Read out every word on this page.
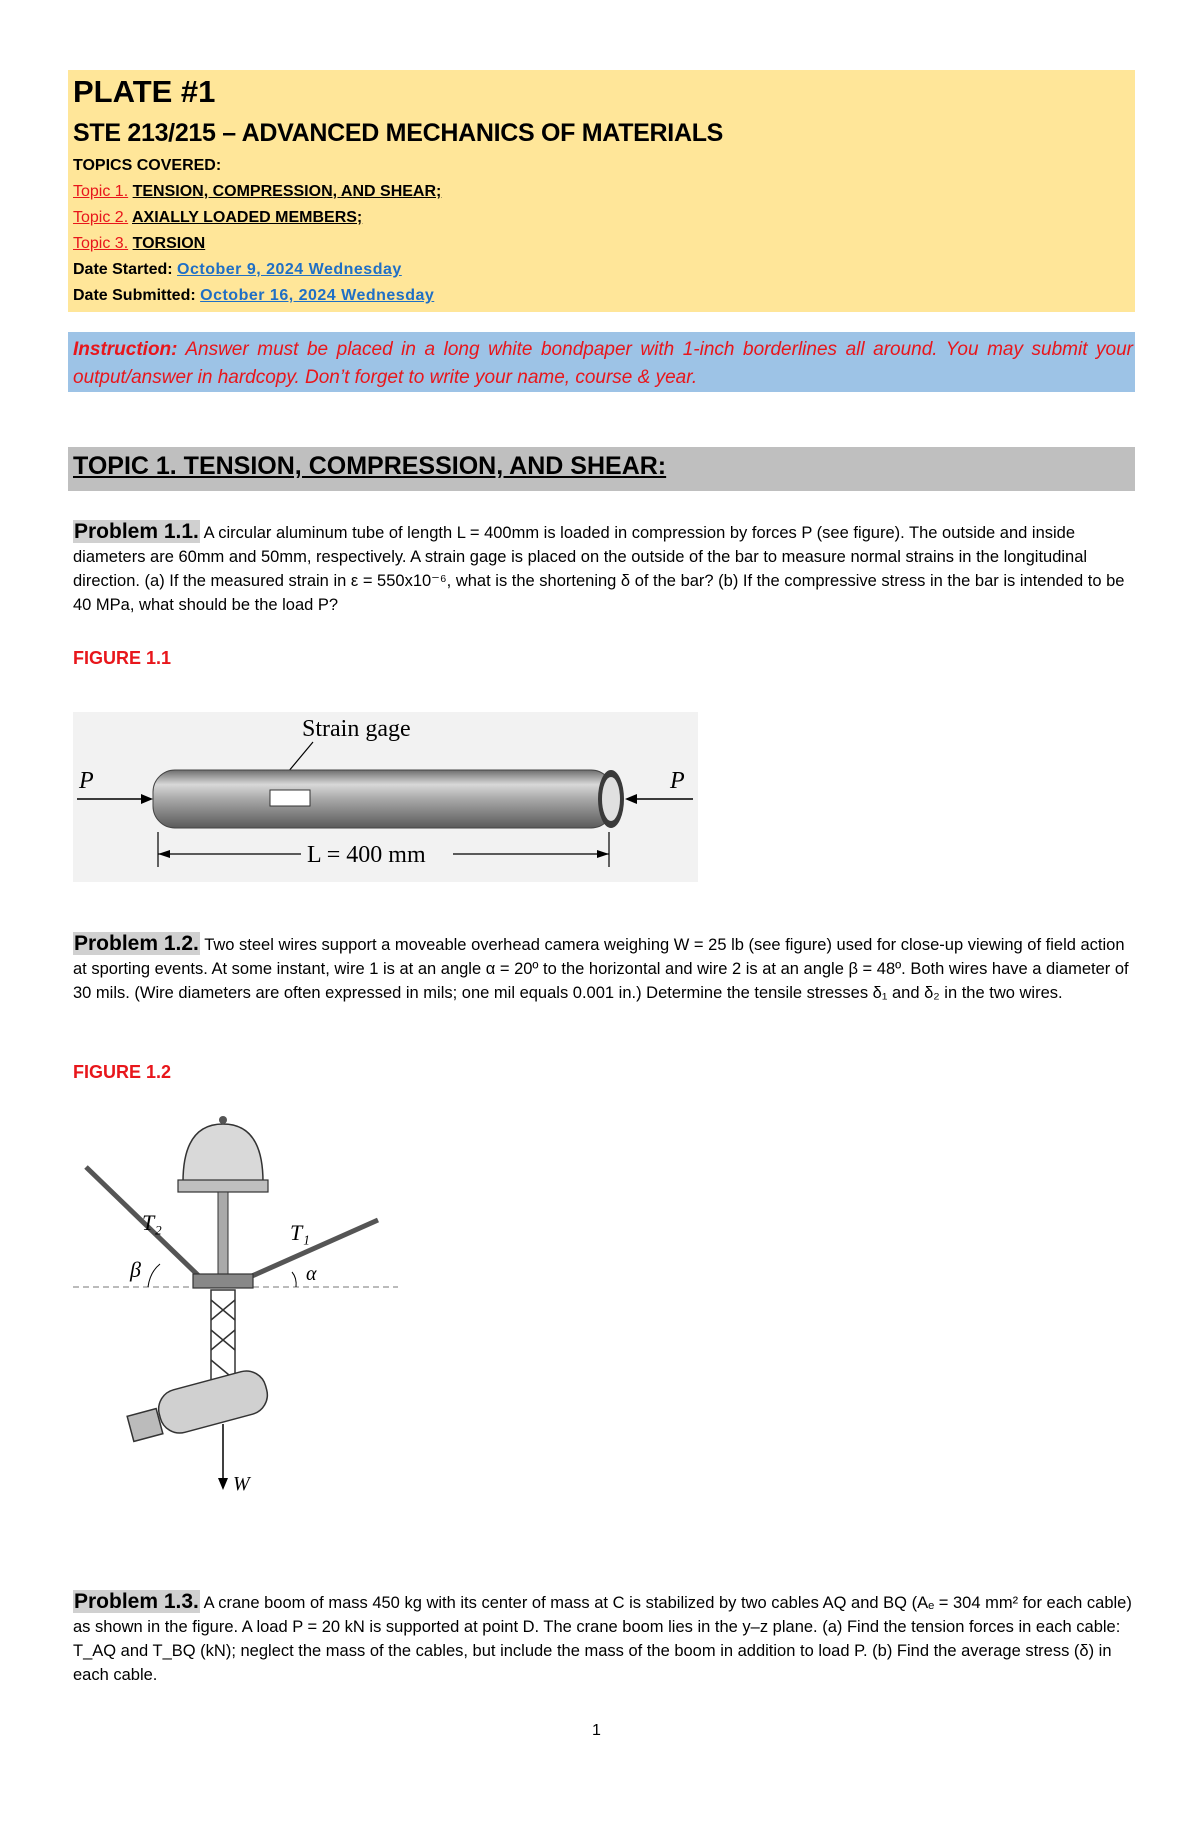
PLATE #1
STE 213/215 – ADVANCED MECHANICS OF MATERIALS
TOPICS COVERED:
Topic 1. TENSION, COMPRESSION, AND SHEAR;
Topic 2. AXIALLY LOADED MEMBERS;
Topic 3. TORSION
Date Started: October 9, 2024 Wednesday
Date Submitted: October 16, 2024 Wednesday
Instruction: Answer must be placed in a long white bondpaper with 1-inch borderlines all around. You may submit your output/answer in hardcopy. Don’t forget to write your name, course & year.
TOPIC 1. TENSION, COMPRESSION, AND SHEAR:
Problem 1.1. A circular aluminum tube of length L = 400mm is loaded in compression by forces P (see figure). The outside and inside diameters are 60mm and 50mm, respectively. A strain gage is placed on the outside of the bar to measure normal strains in the longitudinal direction. (a) If the measured strain in ε = 550x10⁻⁶, what is the shortening δ of the bar? (b) If the compressive stress in the bar is intended to be 40 MPa, what should be the load P?
FIGURE 1.1
Strain gage
P	P
L = 400 mm
Problem 1.2. Two steel wires support a moveable overhead camera weighing W = 25 lb (see figure) used for close-up viewing of field action at sporting events. At some instant, wire 1 is at an angle α = 20º to the horizontal and wire 2 is at an angle β = 48º. Both wires have a diameter of 30 mils. (Wire diameters are often expressed in mils; one mil equals 0.001 in.) Determine the tensile stresses δ₁ and δ₂ in the two wires.
FIGURE 1.2
W
T₂	T₁
β	α
Problem 1.3. A crane boom of mass 450 kg with its center of mass at C is stabilized by two cables AQ and BQ (Aₑ = 304 mm² for each cable) as shown in the figure. A load P = 20 kN is supported at point D. The crane boom lies in the y–z plane. (a) Find the tension forces in each cable: T_AQ and T_BQ (kN); neglect the mass of the cables, but include the mass of the boom in addition to load P. (b) Find the average stress (δ) in each cable.
1
